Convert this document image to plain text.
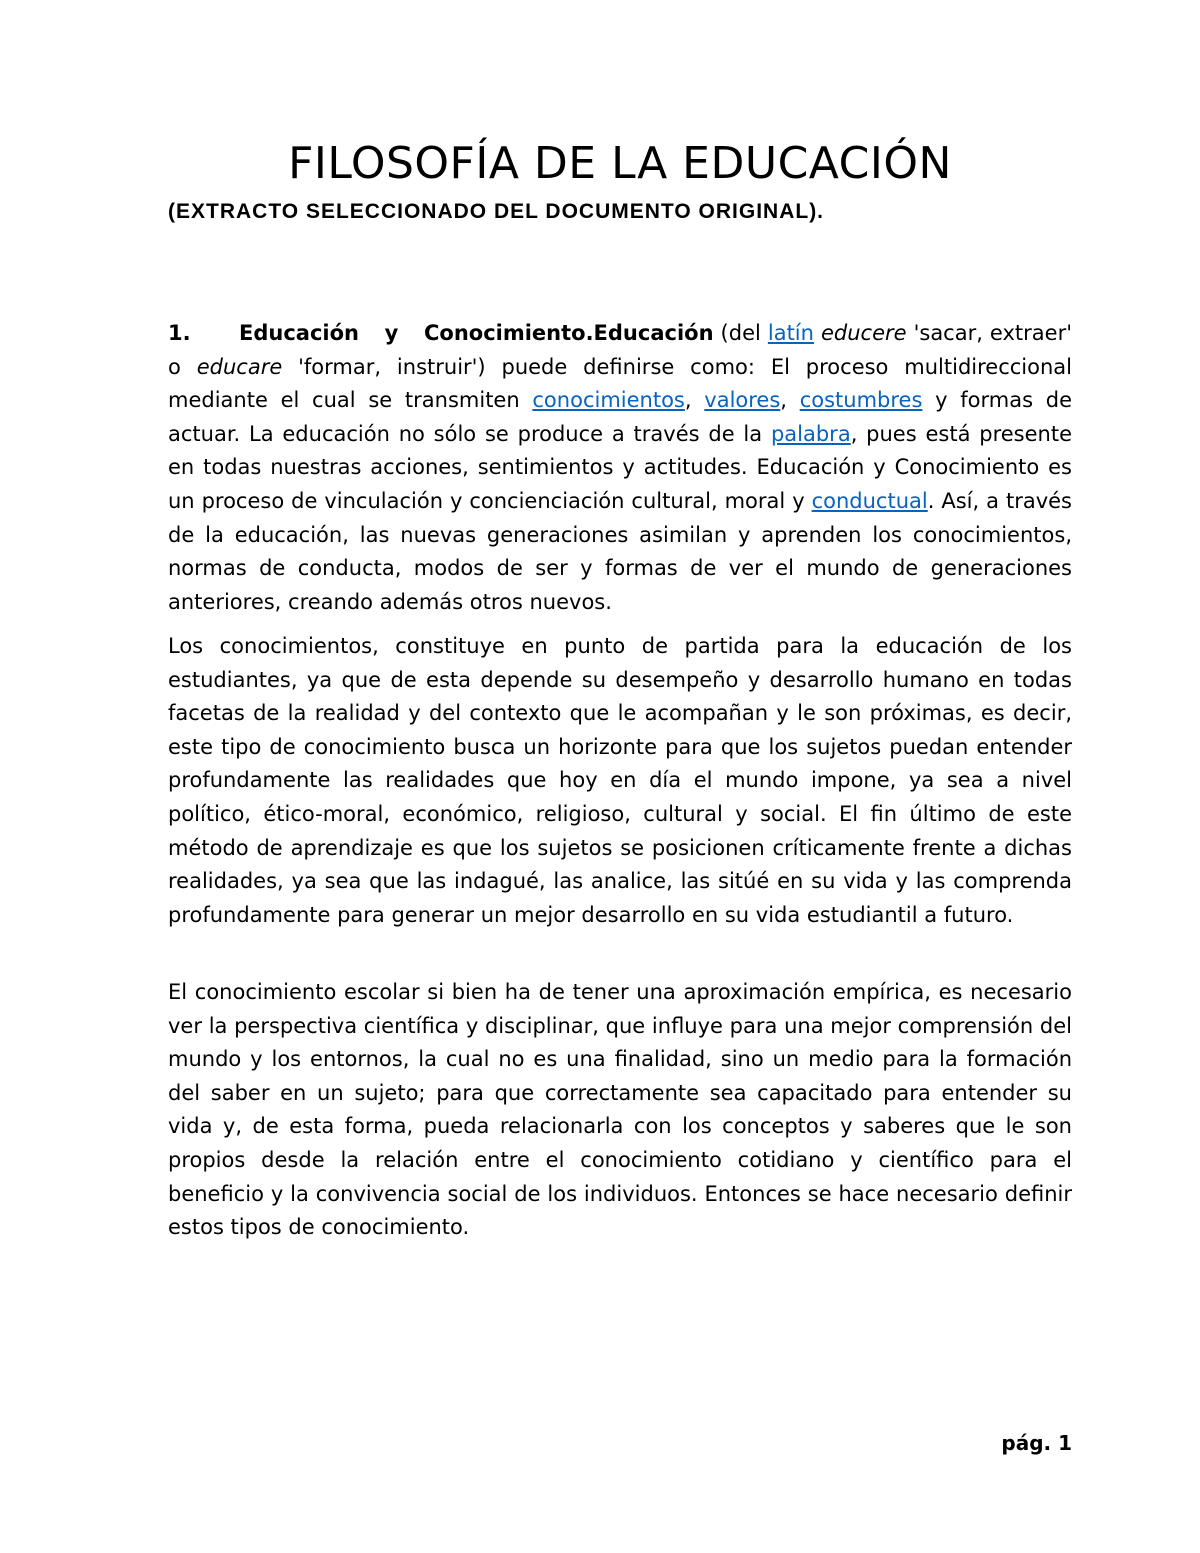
FILOSOFÍA DE LA EDUCACIÓN

(EXTRACTO SELECCIONADO DEL DOCUMENTO ORIGINAL).

1. Educación y Conocimiento.Educación (del latín educere 'sacar, extraer' o educare 'formar, instruir') puede definirse como: El proceso multidireccional mediante el cual se transmiten conocimientos, valores, costumbres y formas de actuar. La educación no sólo se produce a través de la palabra, pues está presente en todas nuestras acciones, sentimientos y actitudes. Educación y Conocimiento es un proceso de vinculación y concienciación cultural, moral y conductual. Así, a través de la educación, las nuevas generaciones asimilan y aprenden los conocimientos, normas de conducta, modos de ser y formas de ver el mundo de generaciones anteriores, creando además otros nuevos.

Los conocimientos, constituye en punto de partida para la educación de los estudiantes, ya que de esta depende su desempeño y desarrollo humano en todas facetas de la realidad y del contexto que le acompañan y le son próximas, es decir, este tipo de conocimiento busca un horizonte para que los sujetos puedan entender profundamente las realidades que hoy en día el mundo impone, ya sea a nivel político, ético-moral, económico, religioso, cultural y social. El fin último de este método de aprendizaje es que los sujetos se posicionen críticamente frente a dichas realidades, ya sea que las indagué, las analice, las sitúé en su vida y las comprenda profundamente para generar un mejor desarrollo en su vida estudiantil a futuro.

El conocimiento escolar si bien ha de tener una aproximación empírica, es necesario ver la perspectiva científica y disciplinar, que influye para una mejor comprensión del mundo y los entornos, la cual no es una finalidad, sino un medio para la formación del saber en un sujeto; para que correctamente sea capacitado para entender su vida y, de esta forma, pueda relacionarla con los conceptos y saberes que le son propios desde la relación entre el conocimiento cotidiano y científico para el beneficio y la convivencia social de los individuos. Entonces se hace necesario definir estos tipos de conocimiento.

pág. 1
